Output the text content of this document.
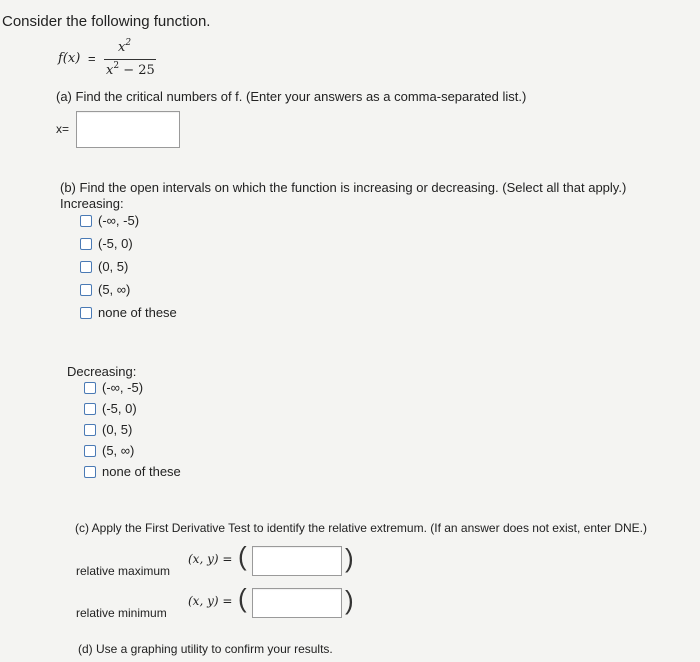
Consider the following function.
f(x) =
$x^2$
$x^2 - 25$
(a) Find the critical numbers of f. (Enter your answers as a comma-separated list.)
x=
(b) Find the open intervals on which the function is increasing or decreasing. (Select all that apply.)
Increasing:
(-∞, -5)
(-5, 0)
(0, 5)
(5, ∞)
none of these
Decreasing:
(-∞, -5)
(-5, 0)
(0, 5)
(5, ∞)
none of these
(c) Apply the First Derivative Test to identify the relative extremum. (If an answer does not exist, enter DNE.)
relative maximum
(x, y) = (	)
relative minimum
(x, y) = (	)
(d) Use a graphing utility to confirm your results.
